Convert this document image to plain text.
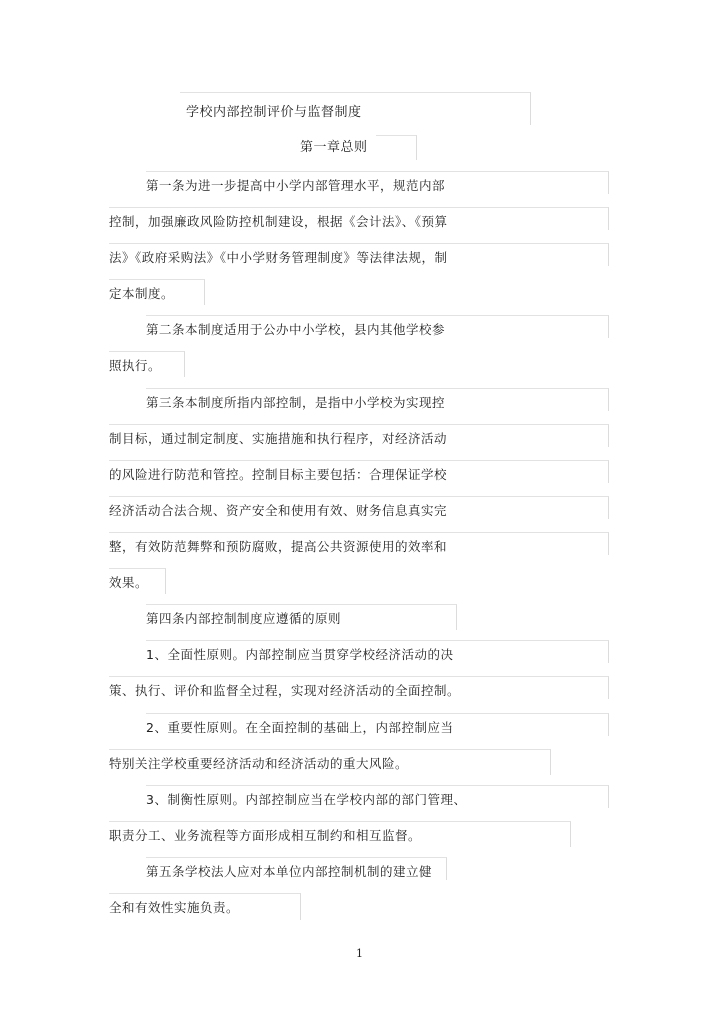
学校内部控制评价与监督制度
第一章总则
第一条为进一步提高中小学内部管理水平，规范内部
控制，加强廉政风险防控机制建设，根据《会计法》、《预算
法》《政府采购法》《中小学财务管理制度》等法律法规，制
定本制度。
第二条本制度适用于公办中小学校，县内其他学校参
照执行。
第三条本制度所指内部控制，是指中小学校为实现控
制目标，通过制定制度、实施措施和执行程序，对经济活动
的风险进行防范和管控。控制目标主要包括：合理保证学校
经济活动合法合规、资产安全和使用有效、财务信息真实完
整，有效防范舞弊和预防腐败，提高公共资源使用的效率和
效果。
第四条内部控制制度应遵循的原则
1、全面性原则。内部控制应当贯穿学校经济活动的决
策、执行、评价和监督全过程，实现对经济活动的全面控制。
2、重要性原则。在全面控制的基础上，内部控制应当
特别关注学校重要经济活动和经济活动的重大风险。
3、制衡性原则。内部控制应当在学校内部的部门管理、
职责分工、业务流程等方面形成相互制约和相互监督。
第五条学校法人应对本单位内部控制机制的建立健
全和有效性实施负责。
1
